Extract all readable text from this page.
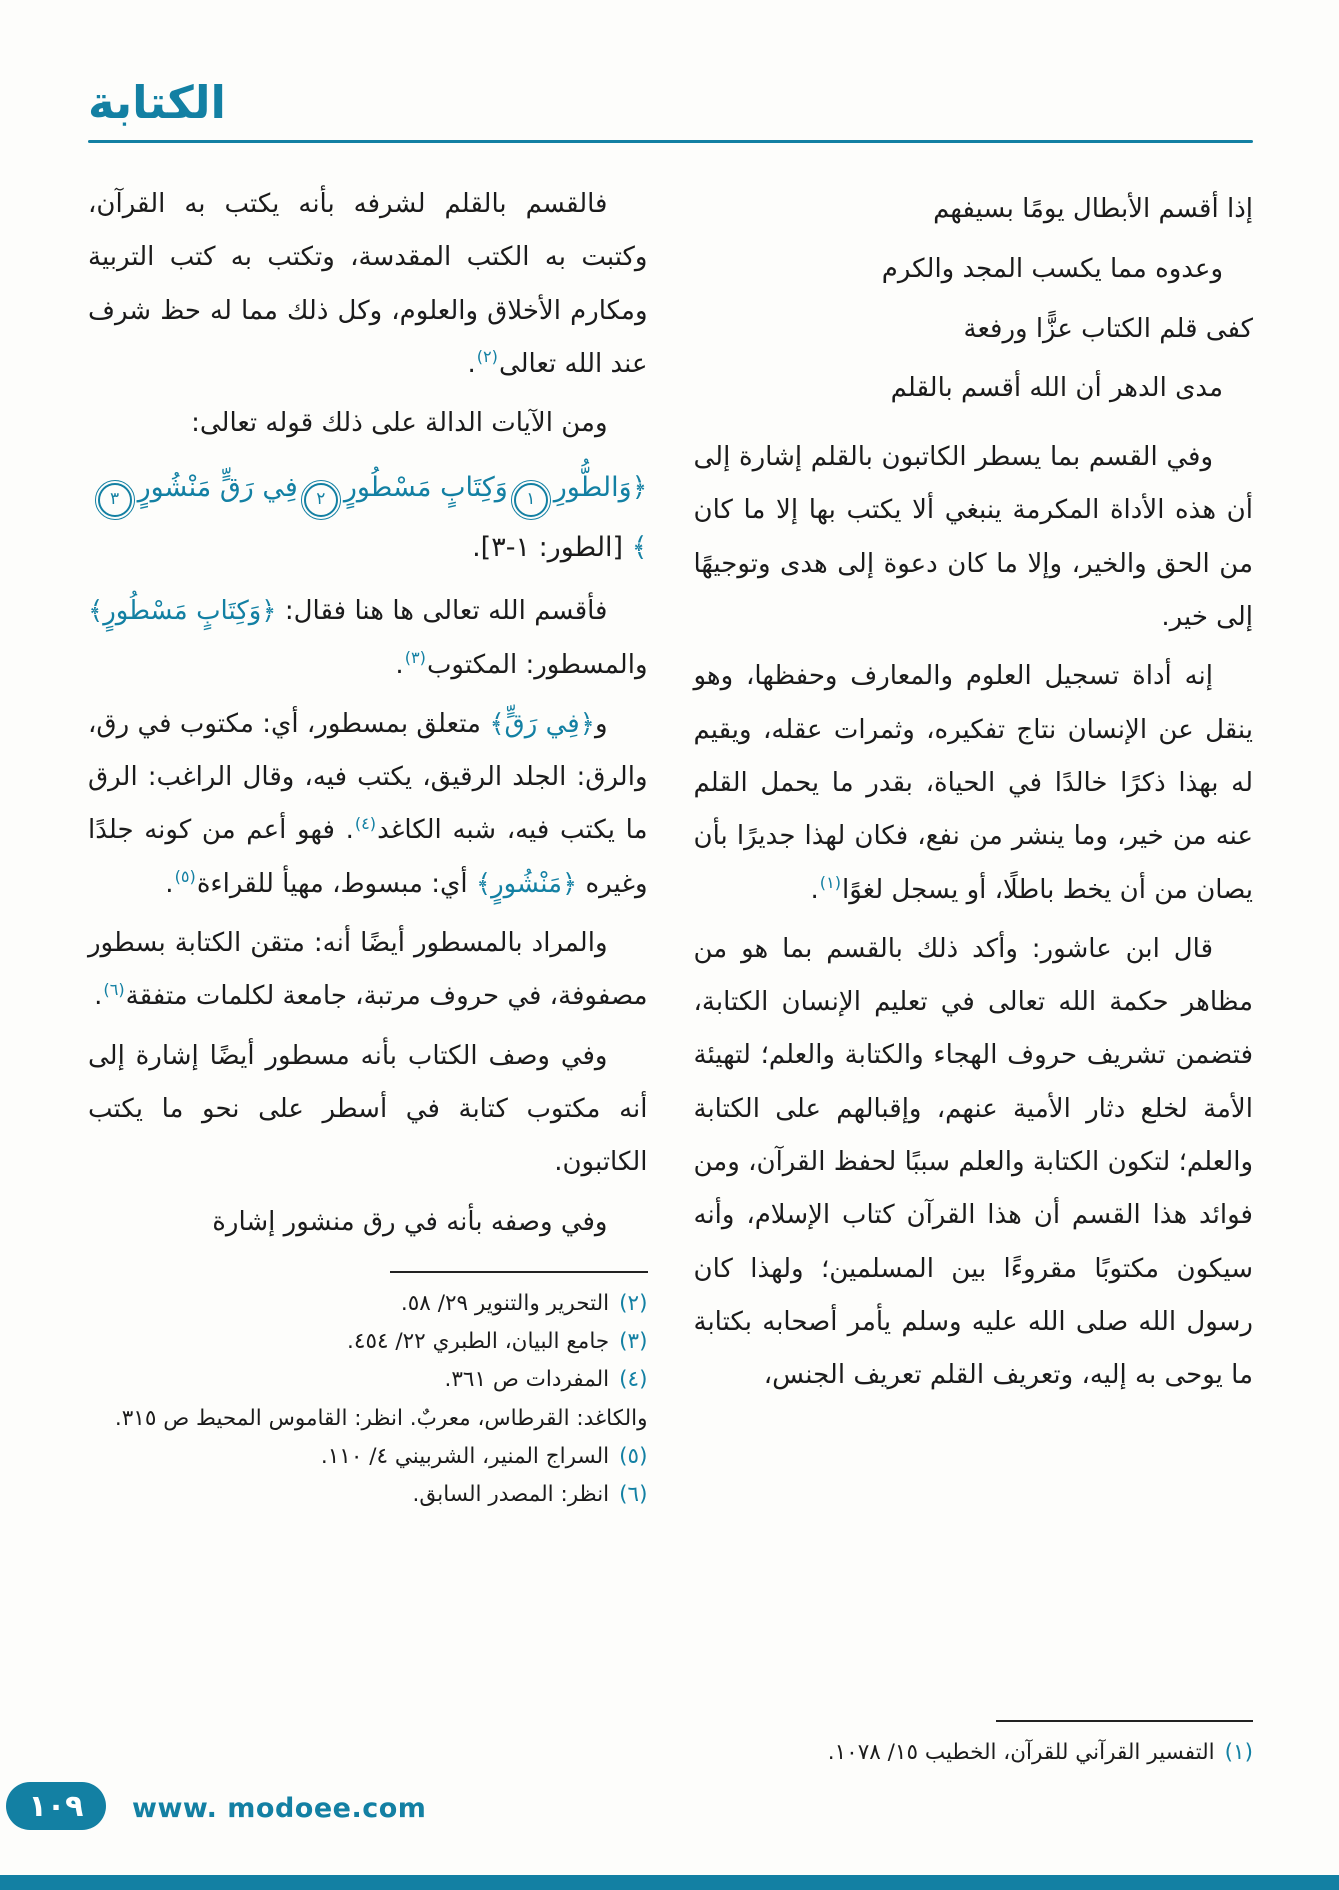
الكتابة
إذا أقسم الأبطال يومًا بسيفهم
وعدوه مما يكسب المجد والكرم
كفى قلم الكتاب عزًّا ورفعة
مدى الدهر أن الله أقسم بالقلم

وفي القسم بما يسطر الكاتبون بالقلم إشارة إلى أن هذه الأداة المكرمة ينبغي ألا يكتب بها إلا ما كان من الحق والخير، وإلا ما كان دعوة إلى هدى وتوجيهًا إلى خير.

إنه أداة تسجيل العلوم والمعارف وحفظها، وهو ينقل عن الإنسان نتاج تفكيره، وثمرات عقله، ويقيم له بهذا ذكرًا خالدًا في الحياة، بقدر ما يحمل القلم عنه من خير، وما ينشر من نفع، فكان لهذا جديرًا بأن يصان من أن يخط باطلًا، أو يسجل لغوًا$^{(١)}$.

قال ابن عاشور: وأكد ذلك بالقسم بما هو من مظاهر حكمة الله تعالى في تعليم الإنسان الكتابة، فتضمن تشريف حروف الهجاء والكتابة والعلم؛ لتهيئة الأمة لخلع دثار الأمية عنهم، وإقبالهم على الكتابة والعلم؛ لتكون الكتابة والعلم سببًا لحفظ القرآن، ومن فوائد هذا القسم أن هذا القرآن كتاب الإسلام، وأنه سيكون مكتوبًا مقروءًا بين المسلمين؛ ولهذا كان رسول الله صلى الله عليه وسلم يأمر أصحابه بكتابة ما يوحى به إليه، وتعريف القلم تعريف الجنس،

(١)
التفسير القرآني للقرآن، الخطيب ١٥/ ١٠٧٨.

فالقسم بالقلم لشرفه بأنه يكتب به القرآن، وكتبت به الكتب المقدسة، وتكتب به كتب التربية ومكارم الأخلاق والعلوم، وكل ذلك مما له حظ شرف عند الله تعالى$^{(٢)}$.

ومن الآيات الدالة على ذلك قوله تعالى:

﴿وَالطُّورِ١وَكِتَابٍ مَسْطُورٍ٢فِي رَقٍّ مَنْشُورٍ٣﴾ [الطور: ١-٣].

فأقسم الله تعالى ها هنا فقال: ﴿وَكِتَابٍ مَسْطُورٍ﴾ والمسطور: المكتوب$^{(٣)}$.

و﴿فِي رَقٍّ﴾ متعلق بمسطور، أي: مكتوب في رق، والرق: الجلد الرقيق، يكتب فيه، وقال الراغب: الرق ما يكتب فيه، شبه الكاغد$^{(٤)}$. فهو أعم من كونه جلدًا وغيره ﴿مَنْشُورٍ﴾ أي: مبسوط، مهيأ للقراءة$^{(٥)}$.

والمراد بالمسطور أيضًا أنه: متقن الكتابة بسطور مصفوفة، في حروف مرتبة، جامعة لكلمات متفقة$^{(٦)}$.

وفي وصف الكتاب بأنه مسطور أيضًا إشارة إلى أنه مكتوب كتابة في أسطر على نحو ما يكتب الكاتبون.

وفي وصفه بأنه في رق منشور إشارة

(٢)
التحرير والتنوير ٢٩/ ٥٨.
(٣)
جامع البيان، الطبري ٢٢/ ٤٥٤.
(٤)
المفردات ص ٣٦١.
والكاغد: القرطاس، معربٌ. انظر: القاموس المحيط ص ٣١٥.
(٥)
السراج المنير، الشربيني ٤/ ١١٠.
(٦)
انظر: المصدر السابق.
١٠٩ www. modoee.com
